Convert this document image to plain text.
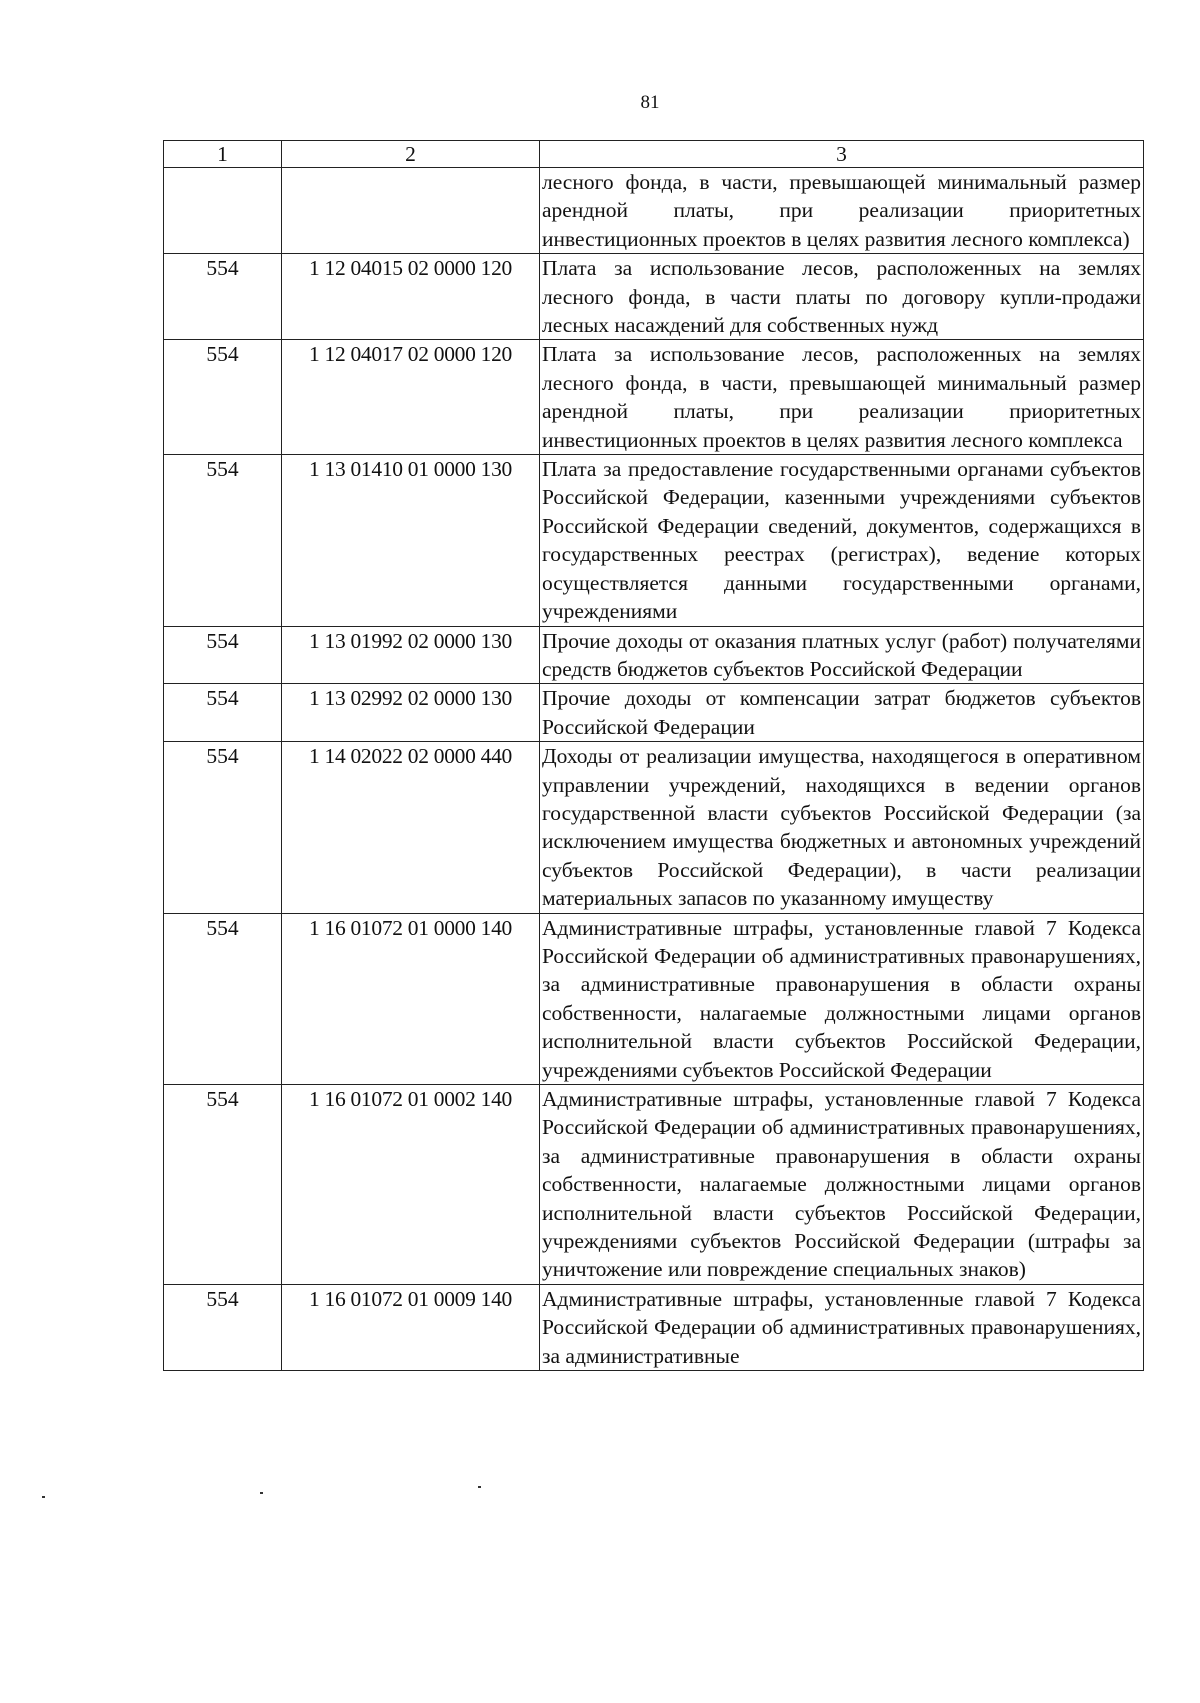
81
1	2	3
		лесного фонда, в части, превышающей минимальный размер арендной платы, при реализации приоритетных инвестиционных проектов в целях развития лесного комплекса)
554	1 12 04015 02 0000 120	Плата за использование лесов, расположенных на землях лесного фонда, в части платы по договору купли-продажи лесных насаждений для собственных нужд
554	1 12 04017 02 0000 120	Плата за использование лесов, расположенных на землях лесного фонда, в части, превышающей минимальный размер арендной платы, при реализации приоритетных инвестиционных проектов в целях развития лесного комплекса
554	1 13 01410 01 0000 130	Плата за предоставление государственными органами субъектов Российской Федерации, казенными учреждениями субъектов Российской Федерации сведений, документов, содержащихся в государственных реестрах (регистрах), ведение которых осуществляется данными государственными органами, учреждениями
554	1 13 01992 02 0000 130	Прочие доходы от оказания платных услуг (работ) получателями средств бюджетов субъектов Российской Федерации
554	1 13 02992 02 0000 130	Прочие доходы от компенсации затрат бюджетов субъектов Российской Федерации
554	1 14 02022 02 0000 440	Доходы от реализации имущества, находящегося в оперативном управлении учреждений, находящихся в ведении органов государственной власти субъектов Российской Федерации (за исключением имущества бюджетных и автономных учреждений субъектов Российской Федерации), в части реализации материальных запасов по указанному имуществу
554	1 16 01072 01 0000 140	Административные штрафы, установленные главой 7 Кодекса Российской Федерации об административных правонарушениях, за административные правонарушения в области охраны собственности, налагаемые должностными лицами органов исполнительной власти субъектов Российской Федерации, учреждениями субъектов Российской Федерации
554	1 16 01072 01 0002 140	Административные штрафы, установленные главой 7 Кодекса Российской Федерации об административных правонарушениях, за административные правонарушения в области охраны собственности, налагаемые должностными лицами органов исполнительной власти субъектов Российской Федерации, учреждениями субъектов Российской Федерации (штрафы за уничтожение или повреждение специальных знаков)
554	1 16 01072 01 0009 140	Административные штрафы, установленные главой 7 Кодекса Российской Федерации об административных правонарушениях, за административные
